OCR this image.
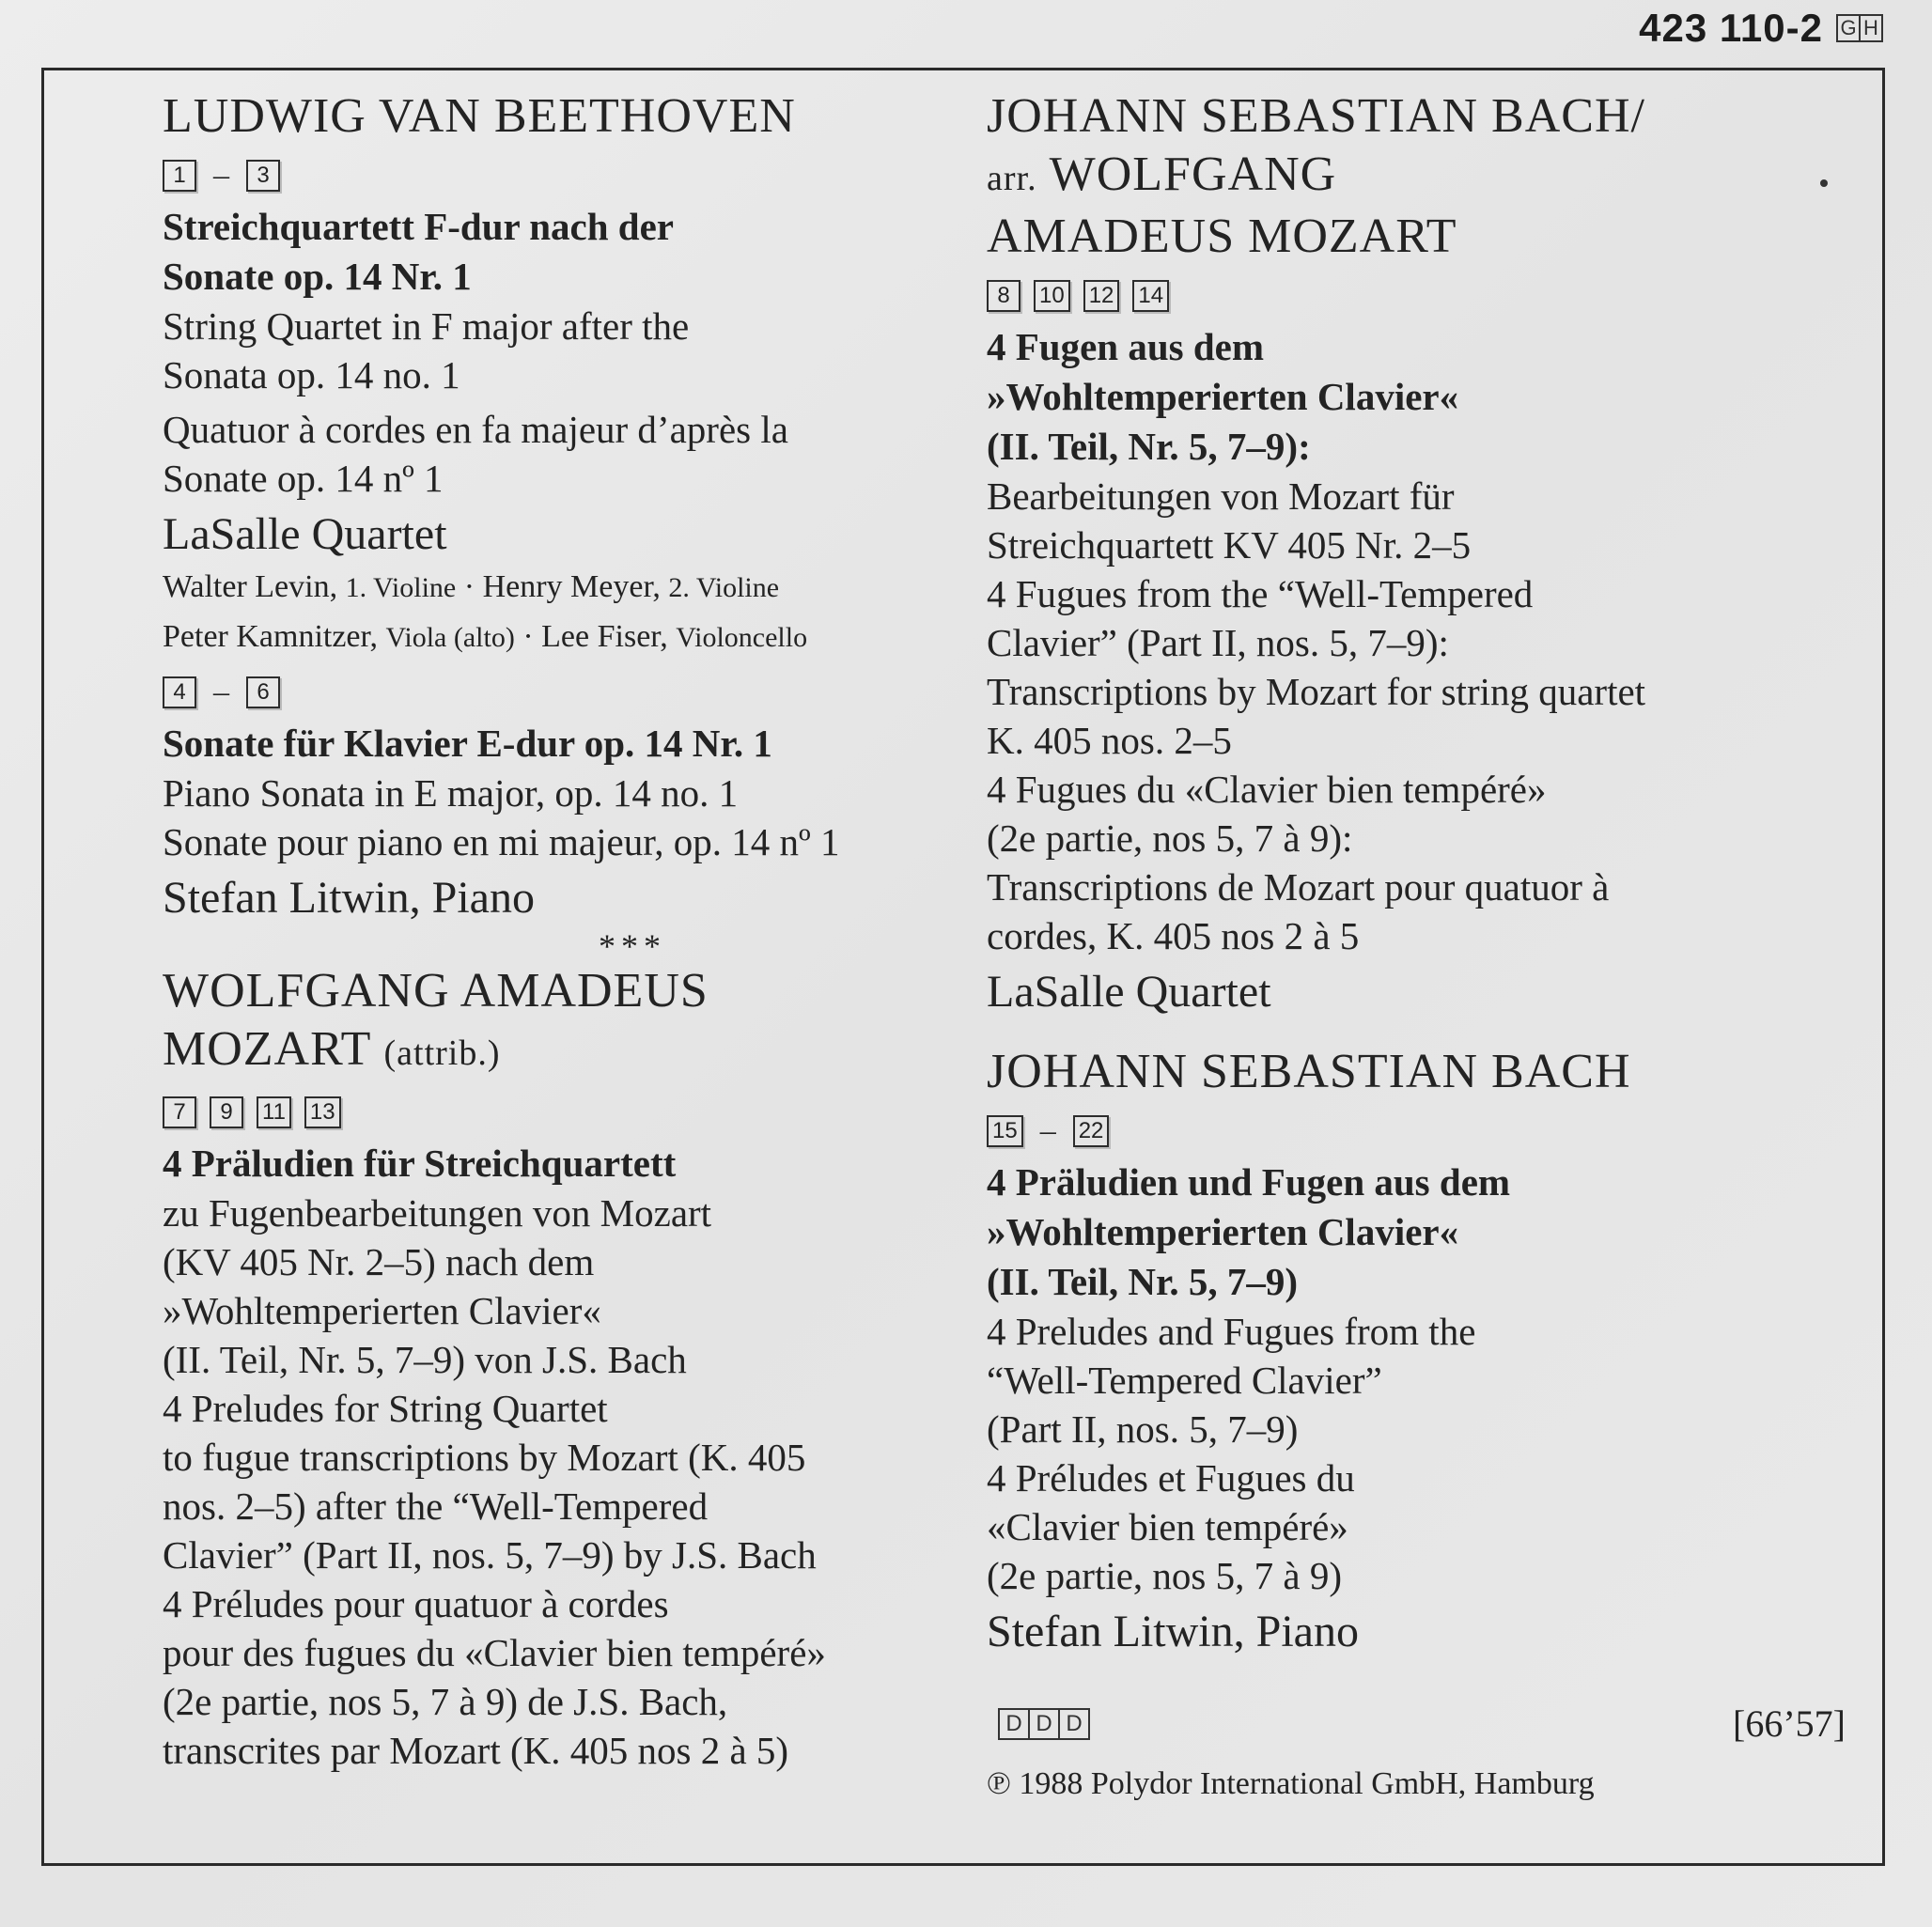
423 110-2 G H
LUDWIG VAN BEETHOVEN
1 –	3
Streichquartett F-dur nach der
Sonate op. 14 Nr. 1
String Quartet in F major after the
Sonata op. 14 no. 1
Quatuor à cordes en fa majeur d’après la
Sonate op. 14 nº 1
LaSalle Quartet
Walter Levin, 1. Violine · Henry Meyer, 2. Violine
Peter Kamnitzer, Viola (alto) · Lee Fiser, Violoncello
4 –	6
Sonate für Klavier E-dur op. 14 Nr. 1
Piano Sonata in E major, op. 14 no. 1
Sonate pour piano en mi majeur, op. 14 nº 1
Stefan Litwin, Piano
***
WOLFGANG AMADEUS
MOZART (attrib.)
7	9	11 13
4 Präludien für Streichquartett
zu Fugenbearbeitungen von Mozart
(KV 405 Nr. 2–5) nach dem
»Wohltemperierten Clavier«
(II. Teil, Nr. 5, 7–9) von J.S. Bach
4 Preludes for String Quartet
to fugue transcriptions by Mozart (K. 405
nos. 2–5) after the “Well-Tempered
Clavier” (Part II, nos. 5, 7–9) by J.S. Bach
4 Préludes pour quatuor à cordes
pour des fugues du «Clavier bien tempéré»
(2e partie, nos 5, 7 à 9) de J.S. Bach,
transcrites par Mozart (K. 405 nos 2 à 5)
JOHANN SEBASTIAN BACH/
arr. WOLFGANG
AMADEUS MOZART
8	10 12 14
4 Fugen aus dem
»Wohltemperierten Clavier«
(II. Teil, Nr. 5, 7–9):
Bearbeitungen von Mozart für
Streichquartett KV 405 Nr. 2–5
4 Fugues from the “Well-Tempered
Clavier” (Part II, nos. 5, 7–9):
Transcriptions by Mozart for string quartet
K. 405 nos. 2–5
4 Fugues du «Clavier bien tempéré»
(2e partie, nos 5, 7 à 9):
Transcriptions de Mozart pour quatuor à
cordes, K. 405 nos 2 à 5
LaSalle Quartet
JOHANN SEBASTIAN BACH
15 – 22
4 Präludien und Fugen aus dem
»Wohltemperierten Clavier«
(II. Teil, Nr. 5, 7–9)
4 Preludes and Fugues from the
“Well-Tempered Clavier”
(Part II, nos. 5, 7–9)
4 Préludes et Fugues du
«Clavier bien tempéré»
(2e partie, nos 5, 7 à 9)
Stefan Litwin, Piano
D D D	[66’57]
℗ 1988 Polydor International GmbH, Hamburg
